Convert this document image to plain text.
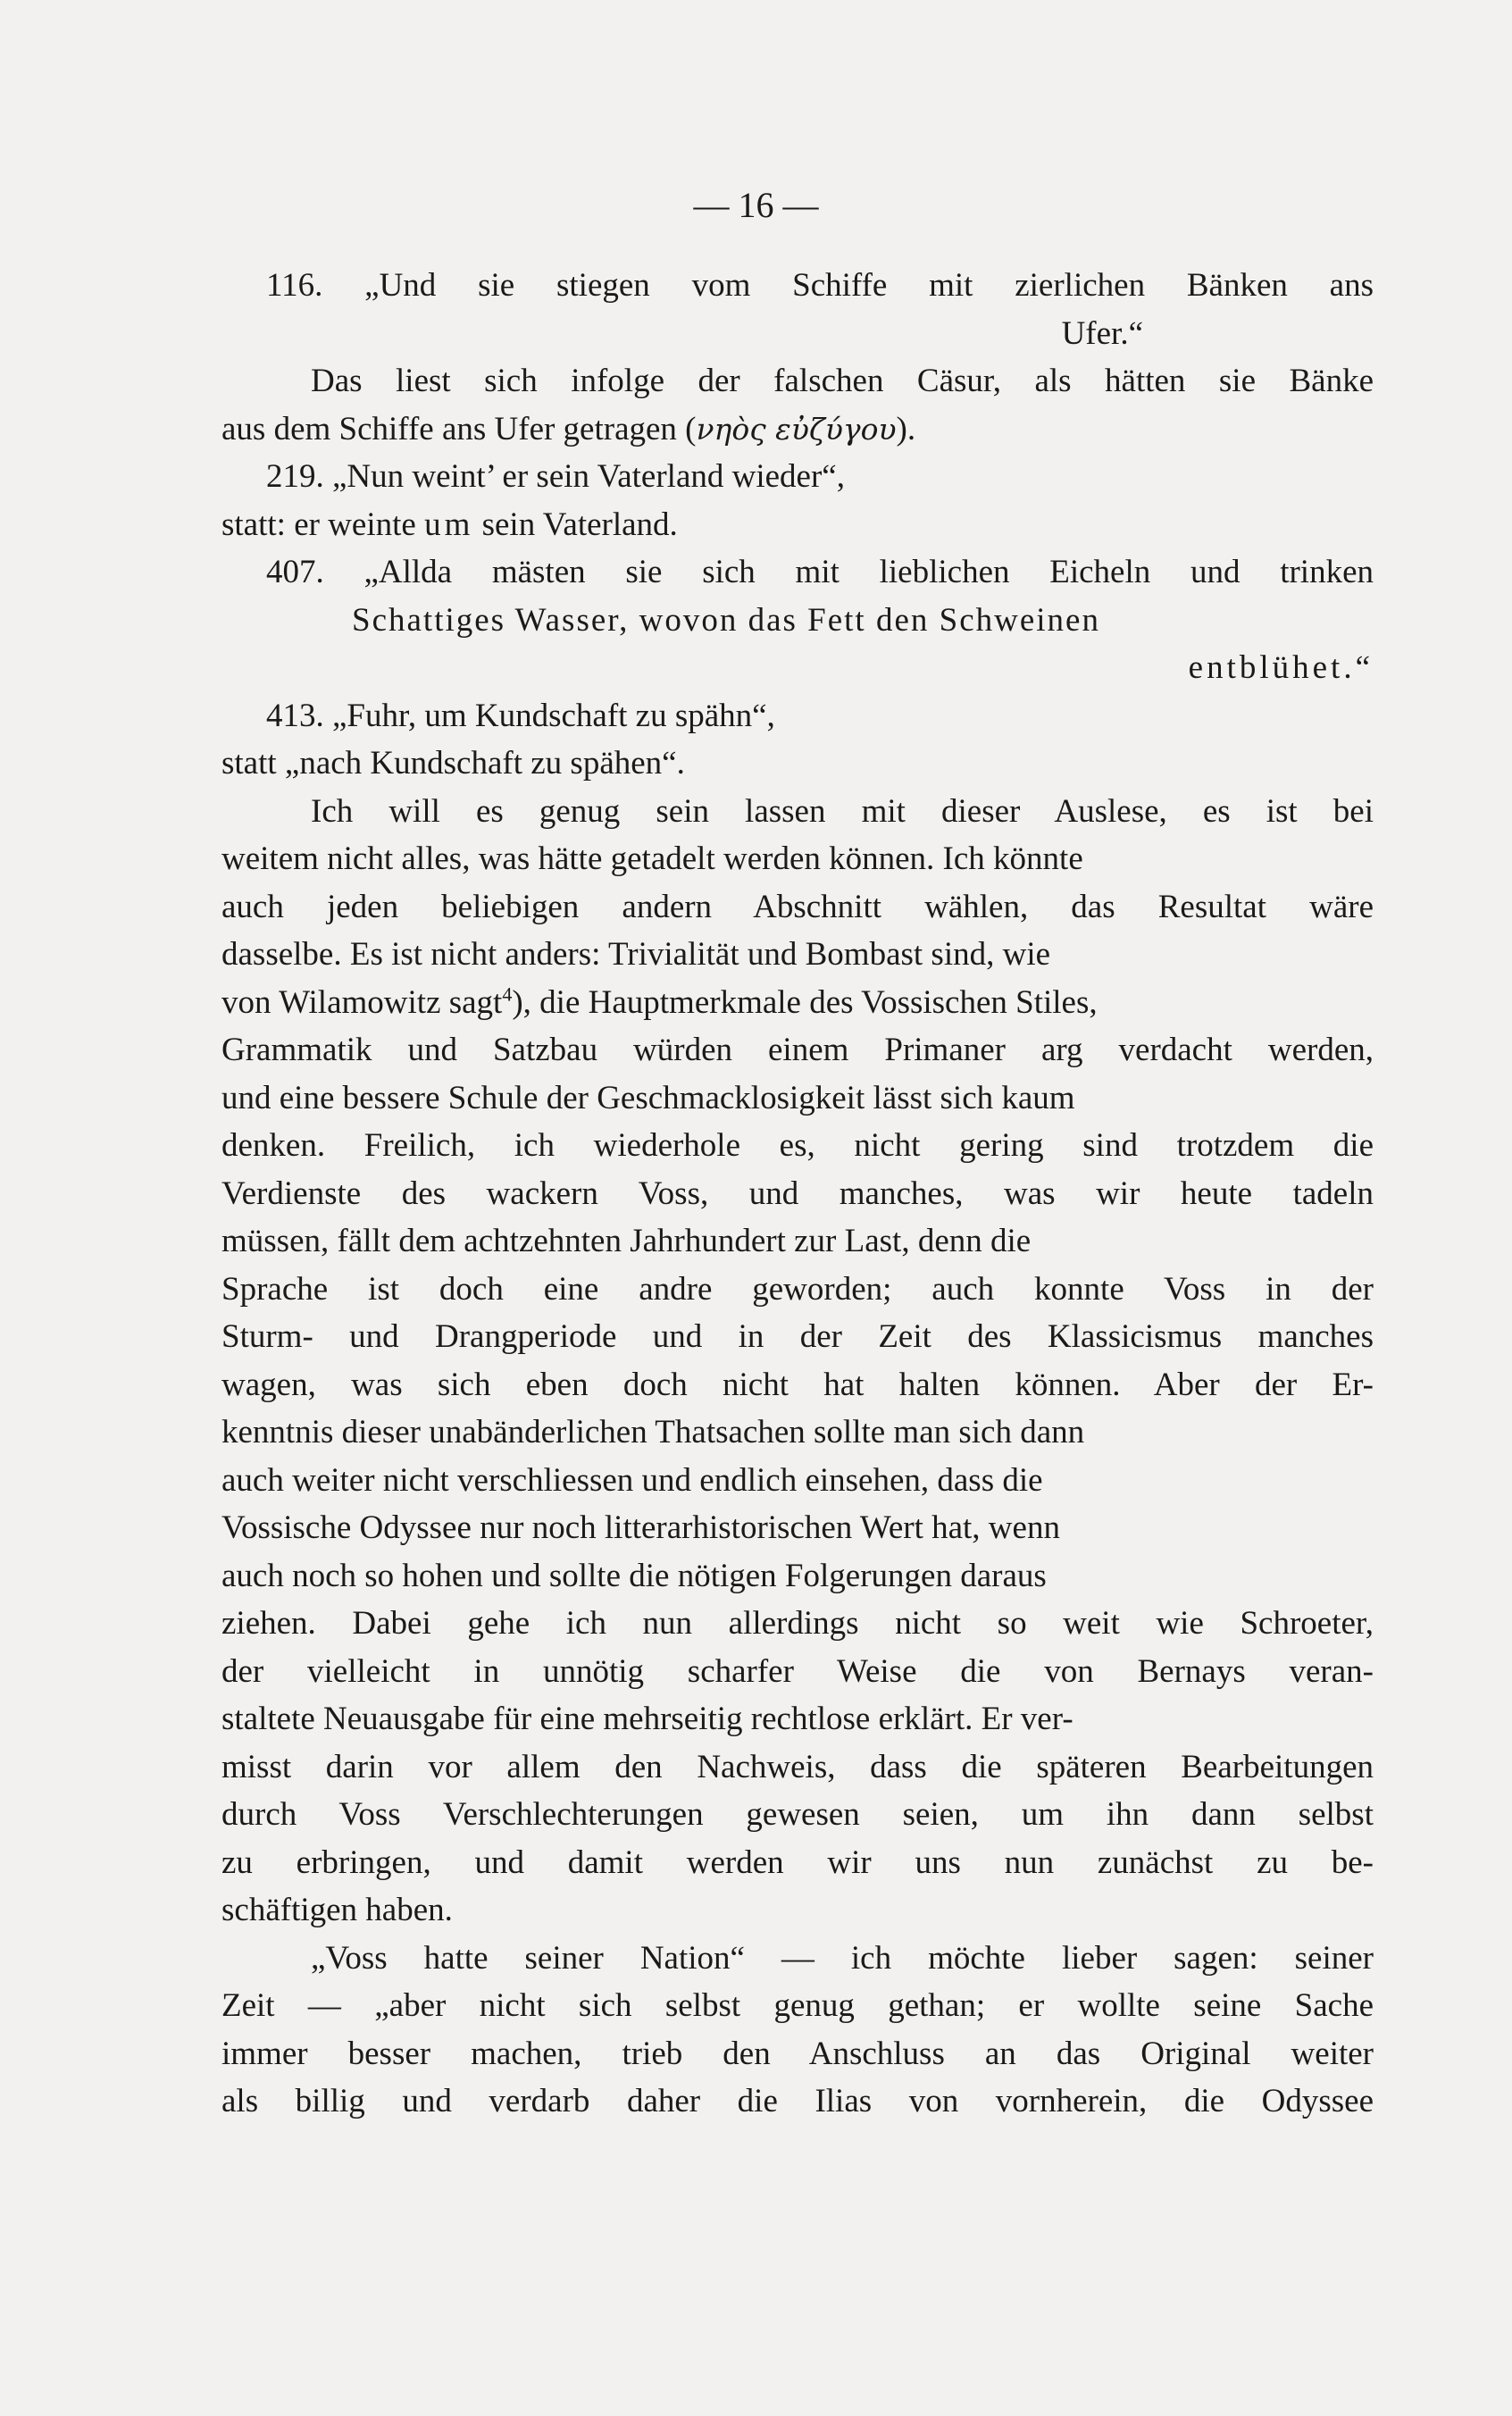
— 16 —
116. „Und sie stiegen vom Schiffe mit zierlichen Bänken ans
Ufer.“
Das liest sich infolge der falschen Cäsur, als hätten sie Bänke
aus dem Schiffe ans Ufer getragen (νηὸς εὐζύγου).
219. „Nun weint’ er sein Vaterland wieder“,
statt: er weinte um sein Vaterland.
407. „Allda mästen sie sich mit lieblichen Eicheln und trinken
Schattiges Wasser, wovon das Fett den Schweinen
entblühet.“
413. „Fuhr, um Kundschaft zu spähn“,
statt „nach Kundschaft zu spähen“.
Ich will es genug sein lassen mit dieser Auslese, es ist bei
weitem nicht alles, was hätte getadelt werden können. Ich könnte
auch jeden beliebigen andern Abschnitt wählen, das Resultat wäre
dasselbe. Es ist nicht anders: Trivialität und Bombast sind, wie
von Wilamowitz sagt$^4$), die Hauptmerkmale des Vossischen Stiles,
Grammatik und Satzbau würden einem Primaner arg verdacht werden,
und eine bessere Schule der Geschmacklosigkeit lässt sich kaum
denken. Freilich, ich wiederhole es, nicht gering sind trotzdem die
Verdienste des wackern Voss, und manches, was wir heute tadeln
müssen, fällt dem achtzehnten Jahrhundert zur Last, denn die
Sprache ist doch eine andre geworden; auch konnte Voss in der
Sturm- und Drangperiode und in der Zeit des Klassicismus manches
wagen, was sich eben doch nicht hat halten können. Aber der Er-
kenntnis dieser unabänderlichen Thatsachen sollte man sich dann
auch weiter nicht verschliessen und endlich einsehen, dass die
Vossische Odyssee nur noch litterarhistorischen Wert hat, wenn
auch noch so hohen und sollte die nötigen Folgerungen daraus
ziehen. Dabei gehe ich nun allerdings nicht so weit wie Schroeter,
der vielleicht in unnötig scharfer Weise die von Bernays veran-
staltete Neuausgabe für eine mehrseitig rechtlose erklärt. Er ver-
misst darin vor allem den Nachweis, dass die späteren Bearbeitungen
durch Voss Verschlechterungen gewesen seien, um ihn dann selbst
zu erbringen, und damit werden wir uns nun zunächst zu be-
schäftigen haben.
„Voss hatte seiner Nation“ — ich möchte lieber sagen: seiner
Zeit — „aber nicht sich selbst genug gethan; er wollte seine Sache
immer besser machen, trieb den Anschluss an das Original weiter
als billig und verdarb daher die Ilias von vornherein, die Odyssee
